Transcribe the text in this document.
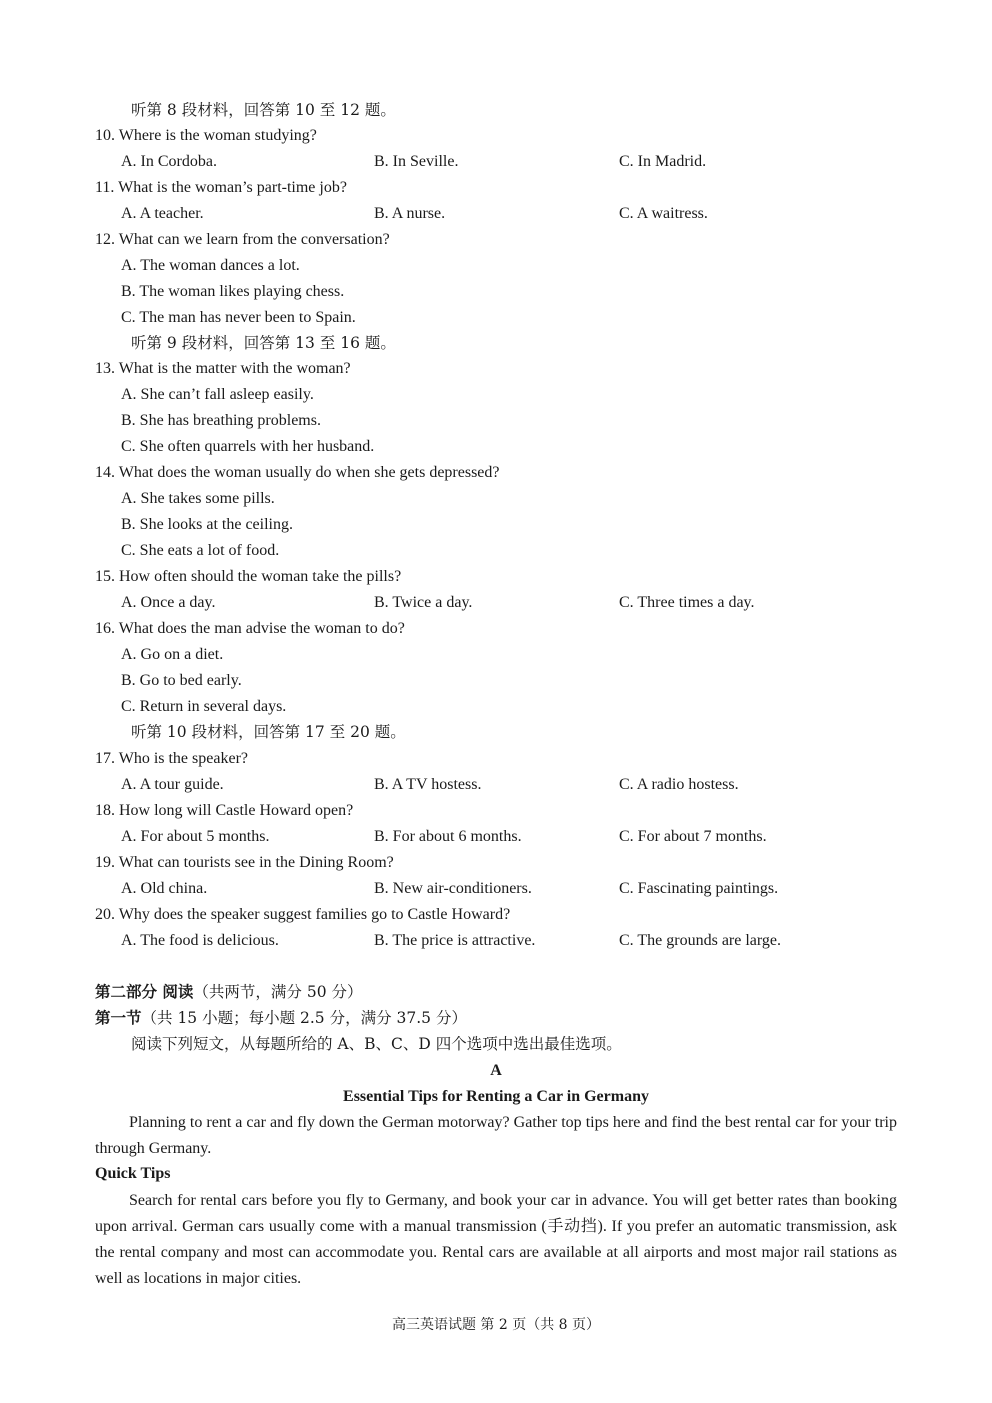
听第 8 段材料，回答第 10 至 12 题。
10. Where is the woman studying?
A. In Cordoba.	B. In Seville.	C. In Madrid.
11. What is the woman’s part-time job?
A. A teacher.	B. A nurse.	C. A waitress.
12. What can we learn from the conversation?
A. The woman dances a lot.
B. The woman likes playing chess.
C. The man has never been to Spain.
听第 9 段材料，回答第 13 至 16 题。
13. What is the matter with the woman?
A. She can’t fall asleep easily.
B. She has breathing problems.
C. She often quarrels with her husband.
14. What does the woman usually do when she gets depressed?
A. She takes some pills.
B. She looks at the ceiling.
C. She eats a lot of food.
15. How often should the woman take the pills?
A. Once a day.	B. Twice a day.	C. Three times a day.
16. What does the man advise the woman to do?
A. Go on a diet.
B. Go to bed early.
C. Return in several days.
听第 10 段材料，回答第 17 至 20 题。
17. Who is the speaker?
A. A tour guide.	B. A TV hostess.	C. A radio hostess.
18. How long will Castle Howard open?
A. For about 5 months.	B. For about 6 months.	C. For about 7 months.
19. What can tourists see in the Dining Room?
A. Old china.	B. New air-conditioners.	C. Fascinating paintings.
20. Why does the speaker suggest families go to Castle Howard?
A. The food is delicious.	B. The price is attractive.	C. The grounds are large.
第二部分 阅读（共两节，满分 50 分）
第一节（共 15 小题；每小题 2.5 分，满分 37.5 分）
阅读下列短文，从每题所给的 A、B、C、D 四个选项中选出最佳选项。
A
Essential Tips for Renting a Car in Germany
Planning to rent a car and fly down the German motorway? Gather top tips here and find the best rental car for your trip through Germany.
Quick Tips
Search for rental cars before you fly to Germany, and book your car in advance. You will get better rates than booking upon arrival. German cars usually come with a manual transmission (手动挡). If you prefer an automatic transmission, ask the rental company and most can accommodate you. Rental cars are available at all airports and most major rail stations as well as locations in major cities.
高三英语试题 第 2 页（共 8 页）
